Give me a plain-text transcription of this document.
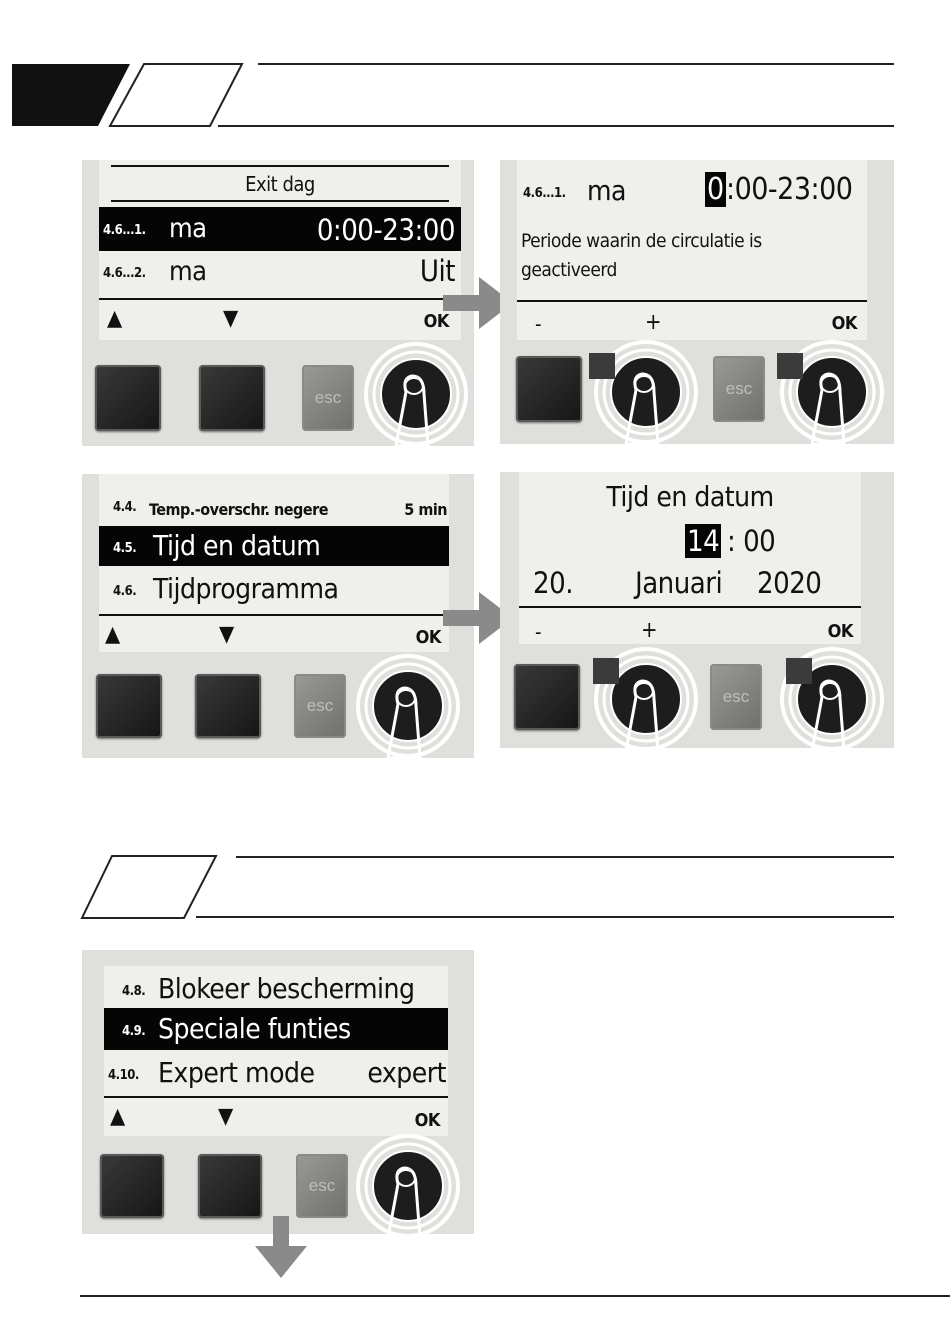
Exit dag
4.6...1. ma	0:00-23:00
4.6...2. ma	Uit
▲	▼	OK
esc
4.6...1. ma	0 :00-23:00
Periode waarin de circulatie is
geactiveerd
-	+	OK
esc
4.4. Temp.-overschr. negere	5 min
4.5. Tijd en datum
4.6. Tijdprogramma
▲	▼	OK
esc
Tijd en datum
14 : 00
20. Januari 2020
-	+	OK
esc
4.8. Blokeer bescherming
4.9. Speciale funties
4.10. Expert mode expert
▲	▼	OK
esc
